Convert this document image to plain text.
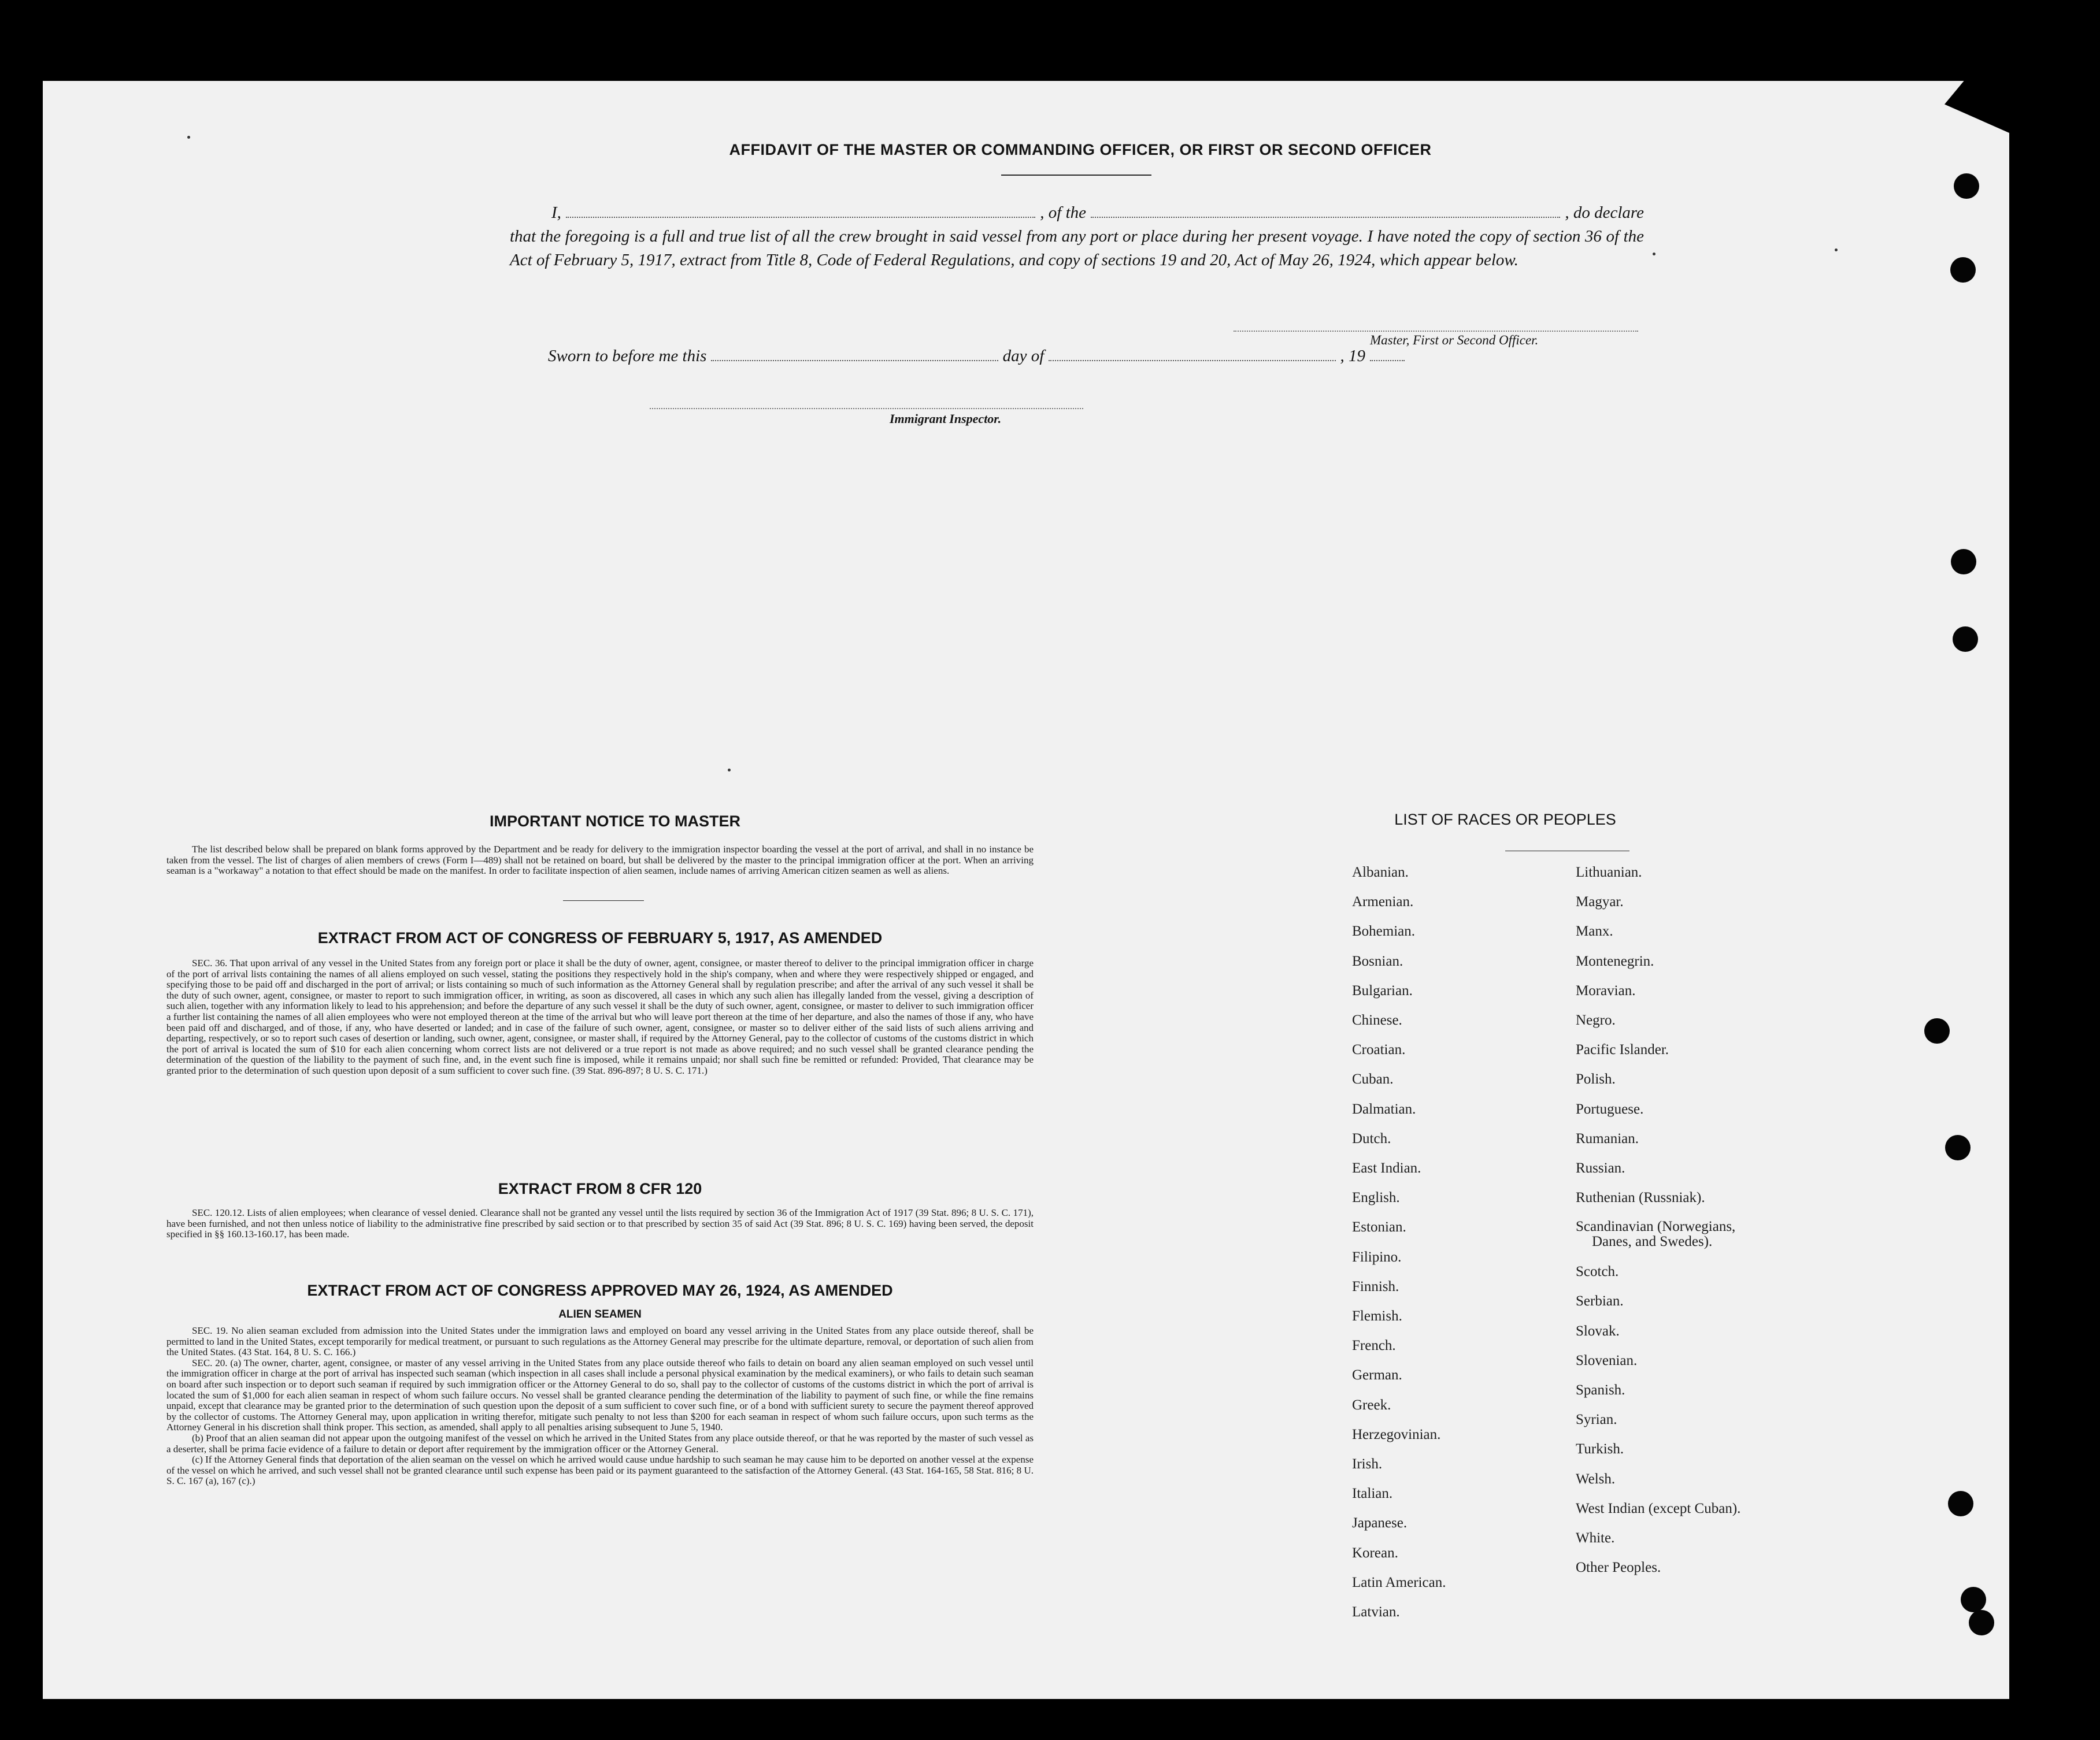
AFFIDAVIT OF THE MASTER OR COMMANDING OFFICER, OR FIRST OR SECOND OFFICER
I,	, of the	, do declare
that the foregoing is a full and true list of all the crew brought in said vessel from any port or place during her present voyage. I have noted the copy of section 36 of the Act of February 5, 1917, extract from Title 8, Code of Federal Regulations, and copy of sections 19 and 20, Act of May 26, 1924, which appear below.
Master, First or Second Officer.
Sworn to before me this	day of	, 19
Immigrant Inspector.
IMPORTANT NOTICE TO MASTER
The list described below shall be prepared on blank forms approved by the Department and be ready for delivery to the immigration inspector boarding the vessel at the port of arrival, and shall in no instance be taken from the vessel. The list of charges of alien members of crews (Form I—489) shall not be retained on board, but shall be delivered by the master to the principal immigration officer at the port. When an arriving seaman is a "workaway" a notation to that effect should be made on the manifest. In order to facilitate inspection of alien seamen, include names of arriving American citizen seamen as well as aliens.
EXTRACT FROM ACT OF CONGRESS OF FEBRUARY 5, 1917, AS AMENDED
SEC. 36. That upon arrival of any vessel in the United States from any foreign port or place it shall be the duty of owner, agent, consignee, or master thereof to deliver to the principal immigration officer in charge of the port of arrival lists containing the names of all aliens employed on such vessel, stating the positions they respectively hold in the ship's company, when and where they were respectively shipped or engaged, and specifying those to be paid off and discharged in the port of arrival; or lists containing so much of such information as the Attorney General shall by regulation prescribe; and after the arrival of any such vessel it shall be the duty of such owner, agent, consignee, or master to report to such immigration officer, in writing, as soon as discovered, all cases in which any such alien has illegally landed from the vessel, giving a description of such alien, together with any information likely to lead to his apprehension; and before the departure of any such vessel it shall be the duty of such owner, agent, consignee, or master to deliver to such immigration officer a further list containing the names of all alien employees who were not employed thereon at the time of the arrival but who will leave port thereon at the time of her departure, and also the names of those if any, who have been paid off and discharged, and of those, if any, who have deserted or landed; and in case of the failure of such owner, agent, consignee, or master so to deliver either of the said lists of such aliens arriving and departing, respectively, or so to report such cases of desertion or landing, such owner, agent, consignee, or master shall, if required by the Attorney General, pay to the collector of customs of the customs district in which the port of arrival is located the sum of $10 for each alien concerning whom correct lists are not delivered or a true report is not made as above required; and no such vessel shall be granted clearance pending the determination of the question of the liability to the payment of such fine, and, in the event such fine is imposed, while it remains unpaid; nor shall such fine be remitted or refunded: Provided, That clearance may be granted prior to the determination of such question upon deposit of a sum sufficient to cover such fine. (39 Stat. 896-897; 8 U. S. C. 171.)
EXTRACT FROM 8 CFR 120
SEC. 120.12. Lists of alien employees; when clearance of vessel denied. Clearance shall not be granted any vessel until the lists required by section 36 of the Immigration Act of 1917 (39 Stat. 896; 8 U. S. C. 171), have been furnished, and not then unless notice of liability to the administrative fine prescribed by said section or to that prescribed by section 35 of said Act (39 Stat. 896; 8 U. S. C. 169) having been served, the deposit specified in §§ 160.13-160.17, has been made.
EXTRACT FROM ACT OF CONGRESS APPROVED MAY 26, 1924, AS AMENDED
ALIEN SEAMEN
SEC. 19. No alien seaman excluded from admission into the United States under the immigration laws and employed on board any vessel arriving in the United States from any place outside thereof, shall be permitted to land in the United States, except temporarily for medical treatment, or pursuant to such regulations as the Attorney General may prescribe for the ultimate departure, removal, or deportation of such alien from the United States. (43 Stat. 164, 8 U. S. C. 166.)
SEC. 20. (a) The owner, charter, agent, consignee, or master of any vessel arriving in the United States from any place outside thereof who fails to detain on board any alien seaman employed on such vessel until the immigration officer in charge at the port of arrival has inspected such seaman (which inspection in all cases shall include a personal physical examination by the medical examiners), or who fails to detain such seaman on board after such inspection or to deport such seaman if required by such immigration officer or the Attorney General to do so, shall pay to the collector of customs of the customs district in which the port of arrival is located the sum of $1,000 for each alien seaman in respect of whom such failure occurs. No vessel shall be granted clearance pending the determination of the liability to payment of such fine, or while the fine remains unpaid, except that clearance may be granted prior to the determination of such question upon the deposit of a sum sufficient to cover such fine, or of a bond with sufficient surety to secure the payment thereof approved by the collector of customs. The Attorney General may, upon application in writing therefor, mitigate such penalty to not less than $200 for each seaman in respect of whom such failure occurs, upon such terms as the Attorney General in his discretion shall think proper. This section, as amended, shall apply to all penalties arising subsequent to June 5, 1940.
(b) Proof that an alien seaman did not appear upon the outgoing manifest of the vessel on which he arrived in the United States from any place outside thereof, or that he was reported by the master of such vessel as a deserter, shall be prima facie evidence of a failure to detain or deport after requirement by the immigration officer or the Attorney General.
(c) If the Attorney General finds that deportation of the alien seaman on the vessel on which he arrived would cause undue hardship to such seaman he may cause him to be deported on another vessel at the expense of the vessel on which he arrived, and such vessel shall not be granted clearance until such expense has been paid or its payment guaranteed to the satisfaction of the Attorney General. (43 Stat. 164-165, 58 Stat. 816; 8 U. S. C. 167 (a), 167 (c).)
LIST OF RACES OR PEOPLES
Albanian.
Armenian.
Bohemian.
Bosnian.
Bulgarian.
Chinese.
Croatian.
Cuban.
Dalmatian.
Dutch.
East Indian.
English.
Estonian.
Filipino.
Finnish.
Flemish.
French.
German.
Greek.
Herzegovinian.
Irish.
Italian.
Japanese.
Korean.
Latin American.
Latvian.
Lithuanian.
Magyar.
Manx.
Montenegrin.
Moravian.
Negro.
Pacific Islander.
Polish.
Portuguese.
Rumanian.
Russian.
Ruthenian (Russniak).
Scandinavian (Norwegians,
Danes, and Swedes).
Scotch.
Serbian.
Slovak.
Slovenian.
Spanish.
Syrian.
Turkish.
Welsh.
West Indian (except Cuban).
White.
Other Peoples.
